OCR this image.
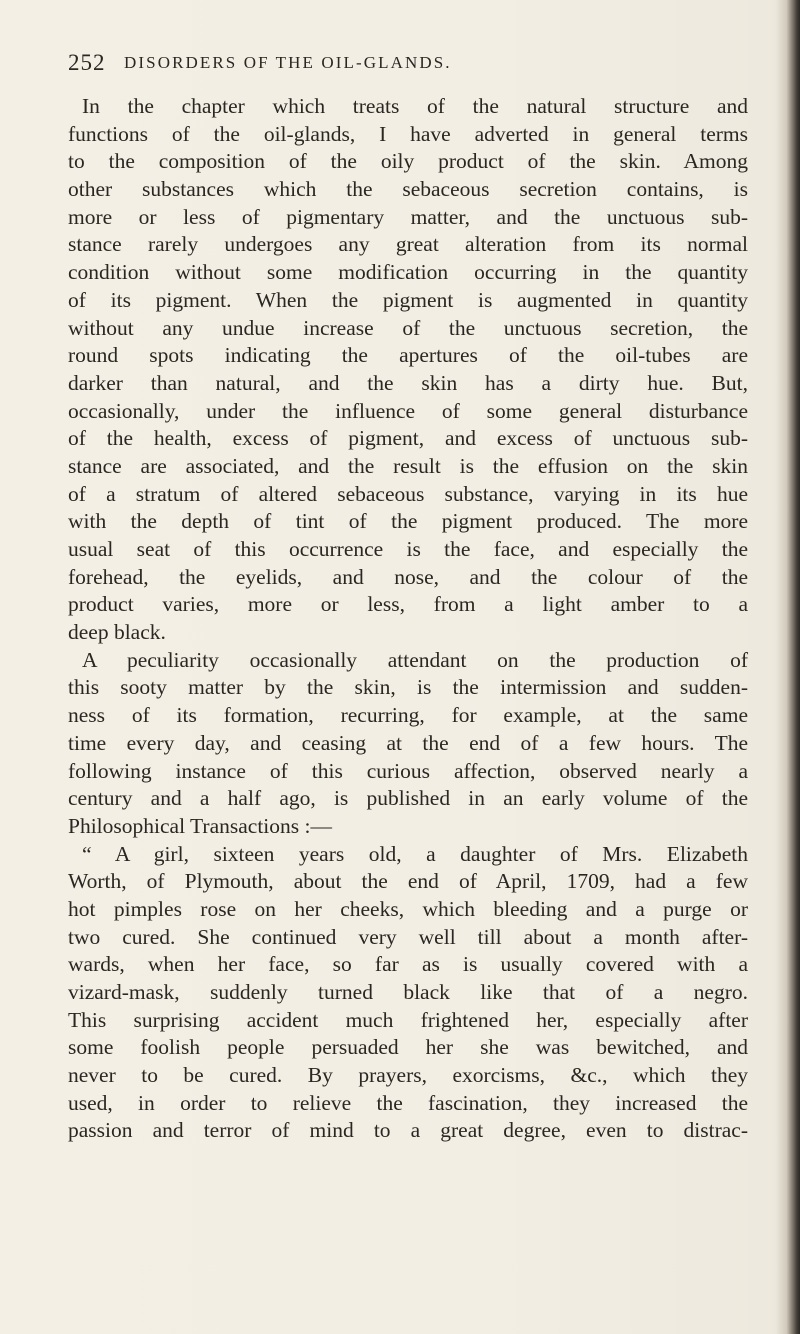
252 DISORDERS OF THE OIL-GLANDS.
In the chapter which treats of the natural structure and
functions of the oil-glands, I have adverted in general terms
to the composition of the oily product of the skin. Among
other substances which the sebaceous secretion contains, is
more or less of pigmentary matter, and the unctuous sub-
stance rarely undergoes any great alteration from its normal
condition without some modification occurring in the quantity
of its pigment. When the pigment is augmented in quantity
without any undue increase of the unctuous secretion, the
round spots indicating the apertures of the oil-tubes are
darker than natural, and the skin has a dirty hue. But,
occasionally, under the influence of some general disturbance
of the health, excess of pigment, and excess of unctuous sub-
stance are associated, and the result is the effusion on the skin
of a stratum of altered sebaceous substance, varying in its hue
with the depth of tint of the pigment produced. The more
usual seat of this occurrence is the face, and especially the
forehead, the eyelids, and nose, and the colour of the
product varies, more or less, from a light amber to a
deep black.
A peculiarity occasionally attendant on the production of
this sooty matter by the skin, is the intermission and sudden-
ness of its formation, recurring, for example, at the same
time every day, and ceasing at the end of a few hours. The
following instance of this curious affection, observed nearly a
century and a half ago, is published in an early volume of the
Philosophical Transactions :—
“ A girl, sixteen years old, a daughter of Mrs. Elizabeth
Worth, of Plymouth, about the end of April, 1709, had a few
hot pimples rose on her cheeks, which bleeding and a purge or
two cured. She continued very well till about a month after-
wards, when her face, so far as is usually covered with a
vizard-mask, suddenly turned black like that of a negro.
This surprising accident much frightened her, especially after
some foolish people persuaded her she was bewitched, and
never to be cured. By prayers, exorcisms, &c., which they
used, in order to relieve the fascination, they increased the
passion and terror of mind to a great degree, even to distrac-
